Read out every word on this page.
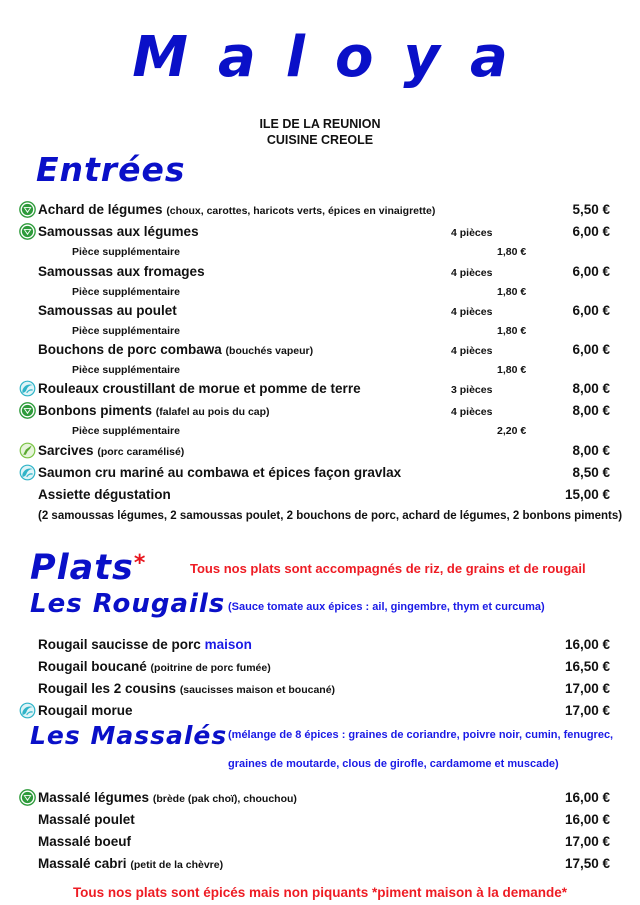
Maloya
ILE DE LA REUNION
CUISINE CREOLE
Entrées
Achard de légumes (choux, carottes, haricots verts, épices en vinaigrette)	5,50 €
Samoussas aux légumes	4 pièces	6,00 €
Pièce supplémentaire	1,80 €
Samoussas aux fromages	4 pièces	6,00 €
Pièce supplémentaire	1,80 €
Samoussas au poulet	4 pièces	6,00 €
Pièce supplémentaire	1,80 €
Bouchons de porc combawa (bouchés vapeur)	4 pièces	6,00 €
Pièce supplémentaire	1,80 €
Rouleaux croustillant de morue et pomme de terre	3 pièces	8,00 €
Bonbons piments (falafel au pois du cap)	4 pièces	8,00 €
Pièce supplémentaire	2,20 €
Sarcives (porc caramélisé)	8,00 €
Saumon cru mariné au combawa et épices façon gravlax	8,50 €
Assiette dégustation	15,00 €
(2 samoussas légumes, 2 samoussas poulet, 2 bouchons de porc, achard de légumes, 2 bonbons piments)
Plats*	Tous nos plats sont accompagnés de riz, de grains et de rougail
Les Rougails (Sauce tomate aux épices : ail, gingembre, thym et curcuma)
Rougail saucisse de porc maison	16,00 €
Rougail boucané (poitrine de porc fumée)	16,50 €
Rougail les 2 cousins (saucisses maison et boucané)	17,00 €
Rougail morue	17,00 €
Les Massalés (mélange de 8 épices : graines de coriandre, poivre noir, cumin, fenugrec,
graines de moutarde, clous de girofle, cardamome et muscade)
Massalé légumes (brède (pak choï), chouchou)	16,00 €
Massalé poulet	16,00 €
Massalé boeuf	17,00 €
Massalé cabri (petit de la chèvre)	17,50 €
Tous nos plats sont épicés mais non piquants *piment maison à la demande*
